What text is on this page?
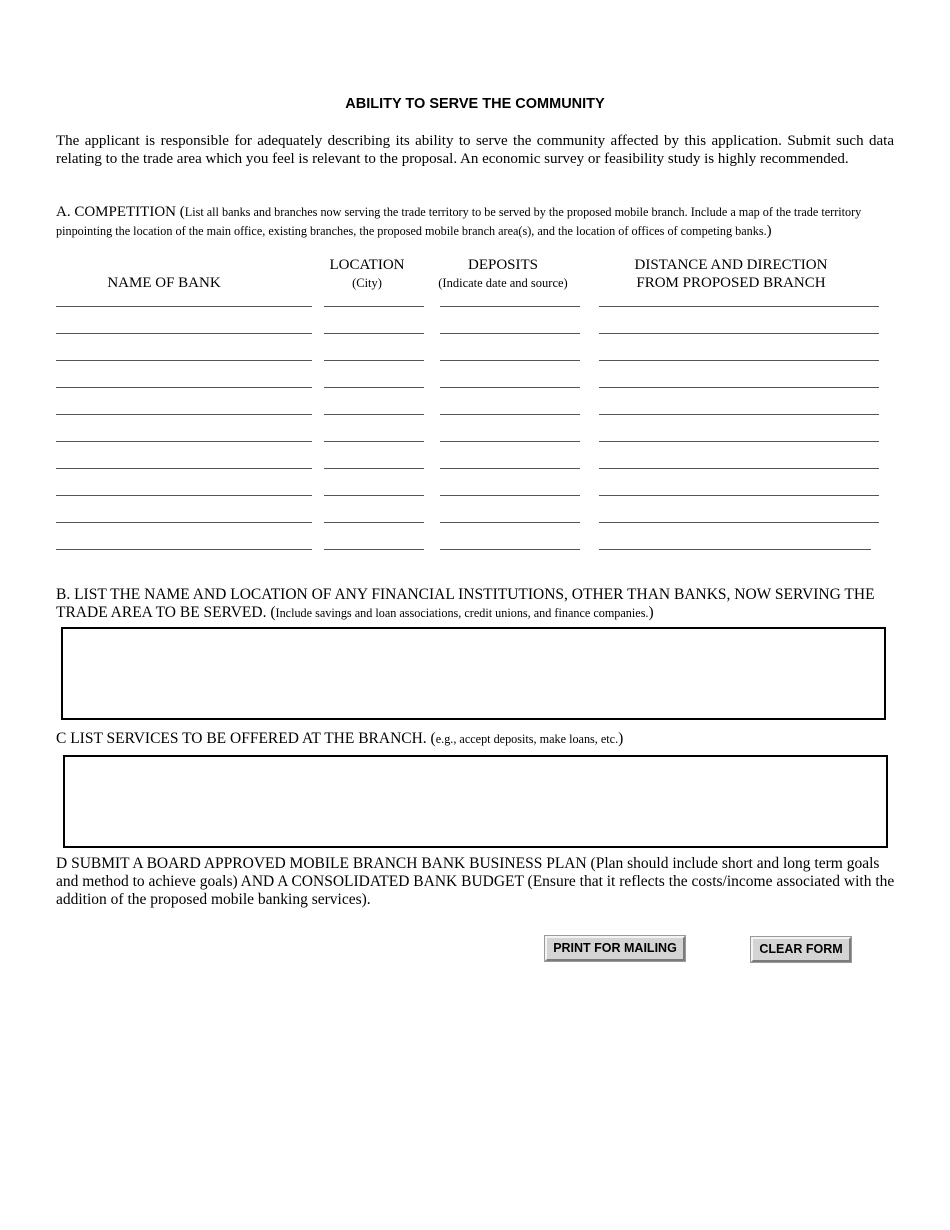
ABILITY TO SERVE THE COMMUNITY
The applicant is responsible for adequately describing its ability to serve the community affected by this application. Submit such data relating to the trade area which you feel is relevant to the proposal. An economic survey or feasibility study is highly recommended.
A. COMPETITION (List all banks and branches now serving the trade territory to be served by the proposed mobile branch. Include a map of the trade territory pinpointing the location of the main office, existing branches, the proposed mobile branch area(s), and the location of offices of competing banks.)

NAME OF BANK
LOCATION
(City)
DEPOSITS
(Indicate date and source)
DISTANCE AND DIRECTION
FROM PROPOSED BRANCH
B. LIST THE NAME AND LOCATION OF ANY FINANCIAL INSTITUTIONS, OTHER THAN BANKS, NOW SERVING THE TRADE AREA TO BE SERVED. (Include savings and loan associations, credit unions, and finance companies.)
C LIST SERVICES TO BE OFFERED AT THE BRANCH. (e.g., accept deposits, make loans, etc.)
D SUBMIT A BOARD APPROVED MOBILE BRANCH BANK BUSINESS PLAN (Plan should include short and long term goals and method to achieve goals) AND A CONSOLIDATED BANK BUDGET (Ensure that it reflects the costs/income associated with the addition of the proposed mobile banking services).
PRINT FOR MAILING	CLEAR FORM
